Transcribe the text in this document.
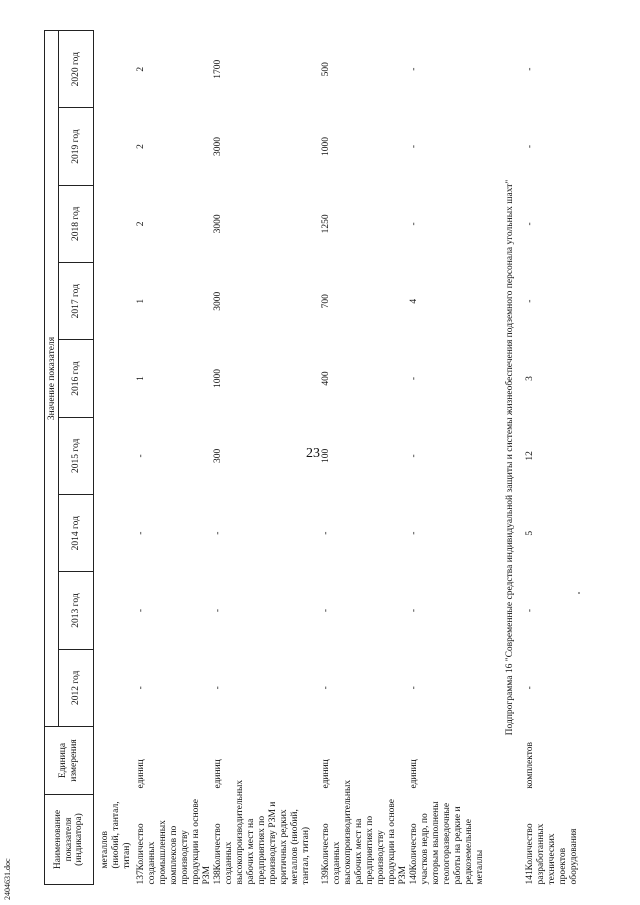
23
Наименование показателя (индикатора)	Единица измерения	Значение показателя								
		2012 год	2013 год	2014 год	2015 год	2016 год	2017 год	2018 год	2019 год	2020 год
металлов (ниобий, тантал, титан)										
137.Количество созданных промышленных комплексов по производству продукции на основе РЗМ	единиц	-	-	-	-	1	1	2	2	2
138.Количество созданных высокопроизводительных рабочих мест на предприятиях по производству РЗМ и критичных редких металлов (ниобий, тантал, титан)	единиц	-	-	-	300	1000	3000	3000	3000	1700
139.Количество созданных высокопроизводительных рабочих мест на предприятиях по производству продукции на основе РЗМ	единиц	-	-	-	100	400	700	1250	1000	500
140.Количество участков недр, по которым выполнены геологоразведочные работы на редкие и редкоземельные металлы	единиц	-	-	-	-	-	4	-	-	-
Подпрограмма 16 "Современные средства индивидуальной защиты и системы жизнеобеспечения подземного персонала угольных шахт"										
141.Количество разработанных технических проектов оборудования	комплектов	-	-	5	12	3	-	-	-	-
2404631.doc
